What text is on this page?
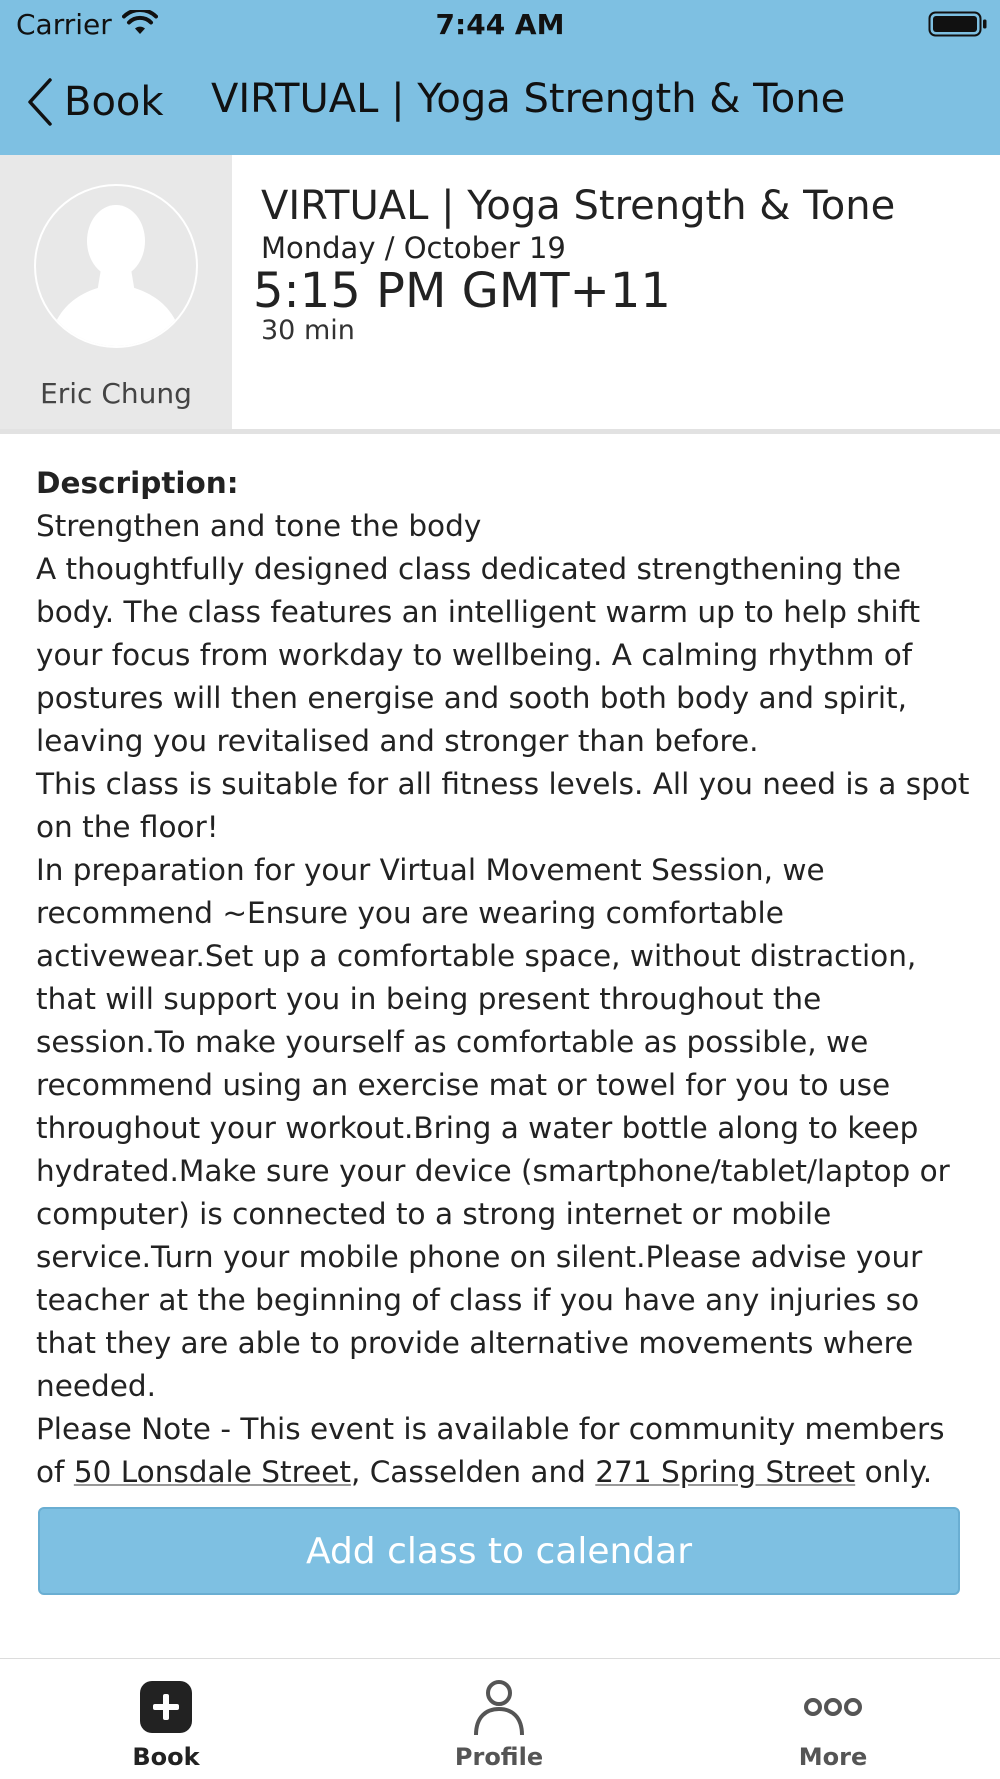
Carrier	7:44 AM
Book VIRTUAL | Yoga Strength & Tone
Eric Chung
VIRTUAL | Yoga Strength & Tone
Monday / October 19
5:15 PM GMT+11
30 min
Description:
Strengthen and tone the body
A thoughtfully designed class dedicated strengthening the body. The class features an intelligent warm up to help shift your focus from workday to wellbeing. A calming rhythm of postures will then energise and sooth both body and spirit, leaving you revitalised and stronger than before.
This class is suitable for all fitness levels. All you need is a spot on the floor!
In preparation for your Virtual Movement Session, we recommend ~Ensure you are wearing comfortable activewear.Set up a comfortable space, without distraction, that will support you in being present throughout the session.To make yourself as comfortable as possible, we recommend using an exercise mat or towel for you to use throughout your workout.Bring a water bottle along to keep hydrated.Make sure your device (smartphone/tablet/laptop or computer) is connected to a strong internet or mobile service.Turn your mobile phone on silent.Please advise your teacher at the beginning of class if you have any injuries so that they are able to provide alternative movements where needed.
Please Note - This event is available for community members of 50 Lonsdale Street, Casselden and 271 Spring Street only.
Add class to calendar
Book	Profile	More
